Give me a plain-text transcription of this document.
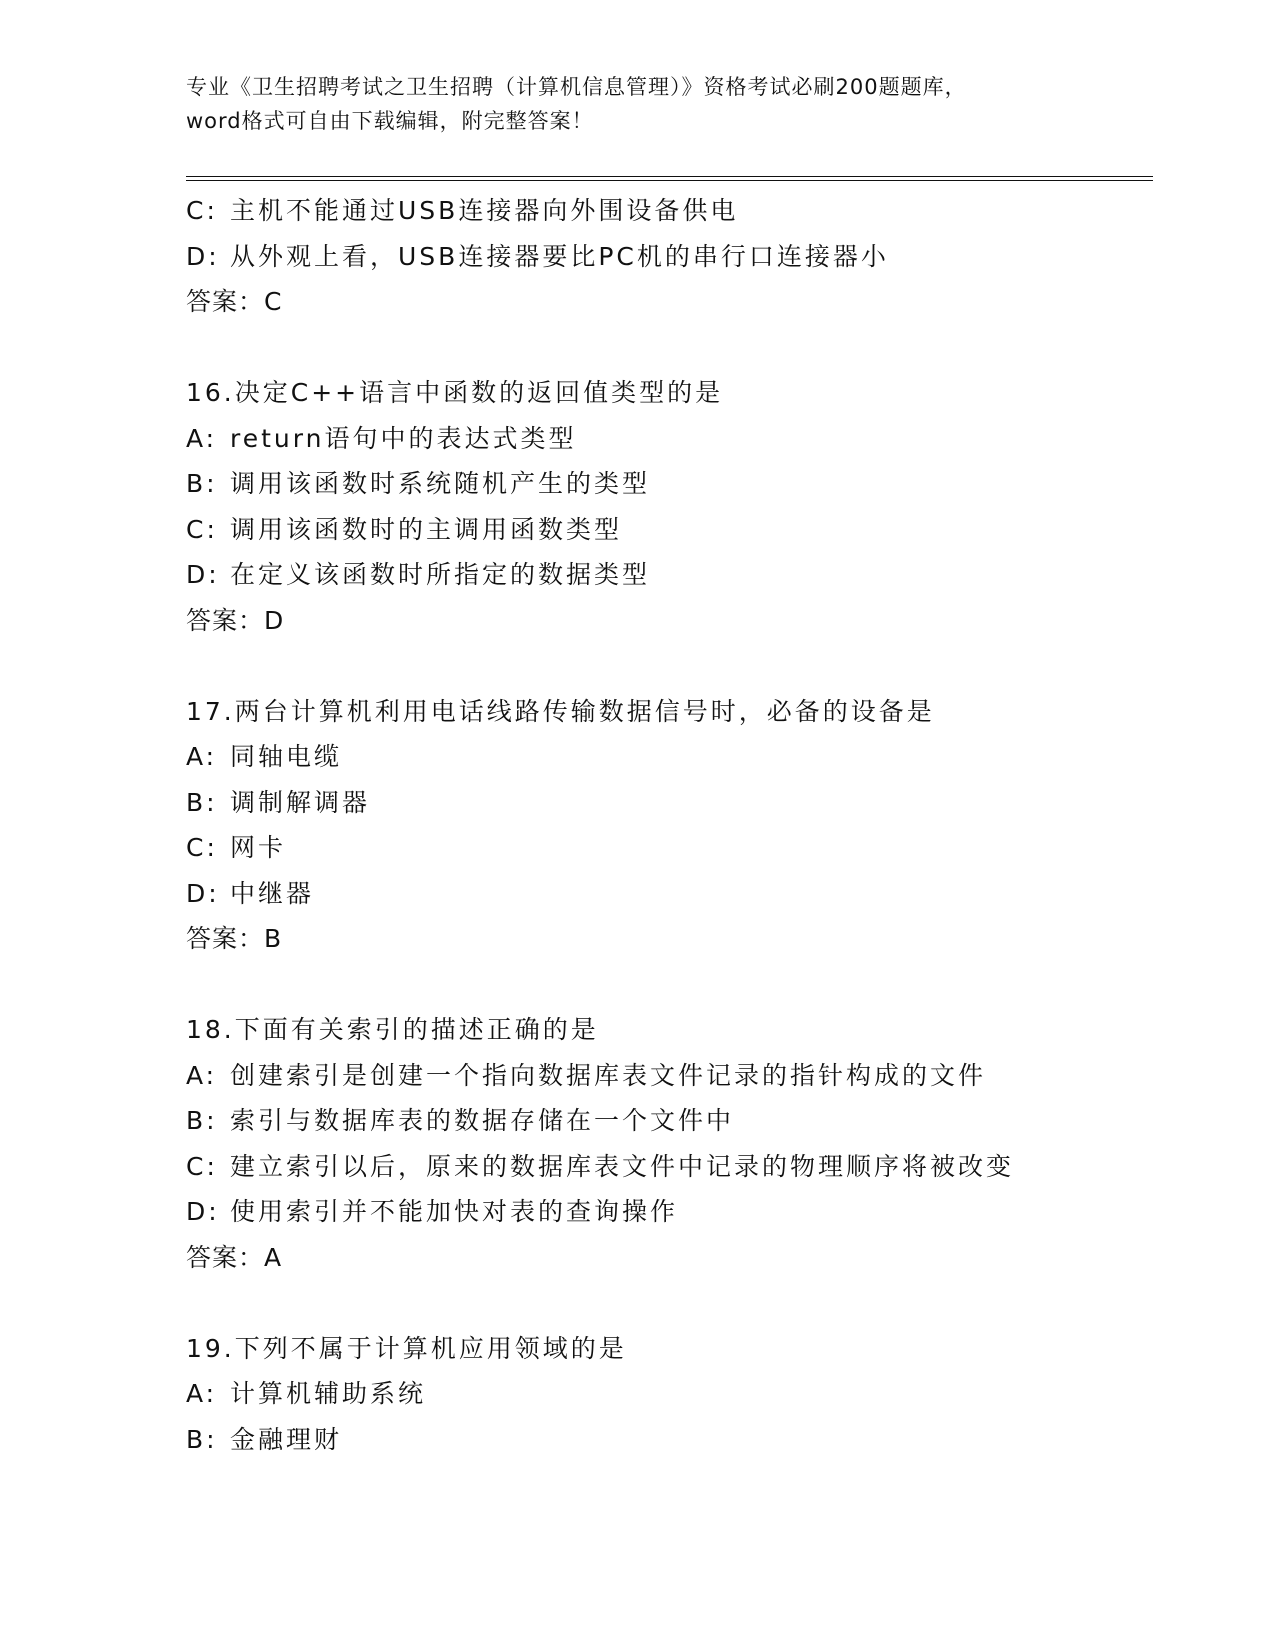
专业《卫生招聘考试之卫生招聘（计算机信息管理）》资格考试必刷200题题库，
word格式可自由下载编辑，附完整答案！
C: 主机不能通过USB连接器向外围设备供电
D: 从外观上看，USB连接器要比PC机的串行口连接器小
答案：C
16.决定C++语言中函数的返回值类型的是
A: return语句中的表达式类型
B: 调用该函数时系统随机产生的类型
C: 调用该函数时的主调用函数类型
D: 在定义该函数时所指定的数据类型
答案：D
17.两台计算机利用电话线路传输数据信号时，必备的设备是
A: 同轴电缆
B: 调制解调器
C: 网卡
D: 中继器
答案：B
18.下面有关索引的描述正确的是
A: 创建索引是创建一个指向数据库表文件记录的指针构成的文件
B: 索引与数据库表的数据存储在一个文件中
C: 建立索引以后，原来的数据库表文件中记录的物理顺序将被改变
D: 使用索引并不能加快对表的查询操作
答案：A
19.下列不属于计算机应用领域的是
A: 计算机辅助系统
B: 金融理财
